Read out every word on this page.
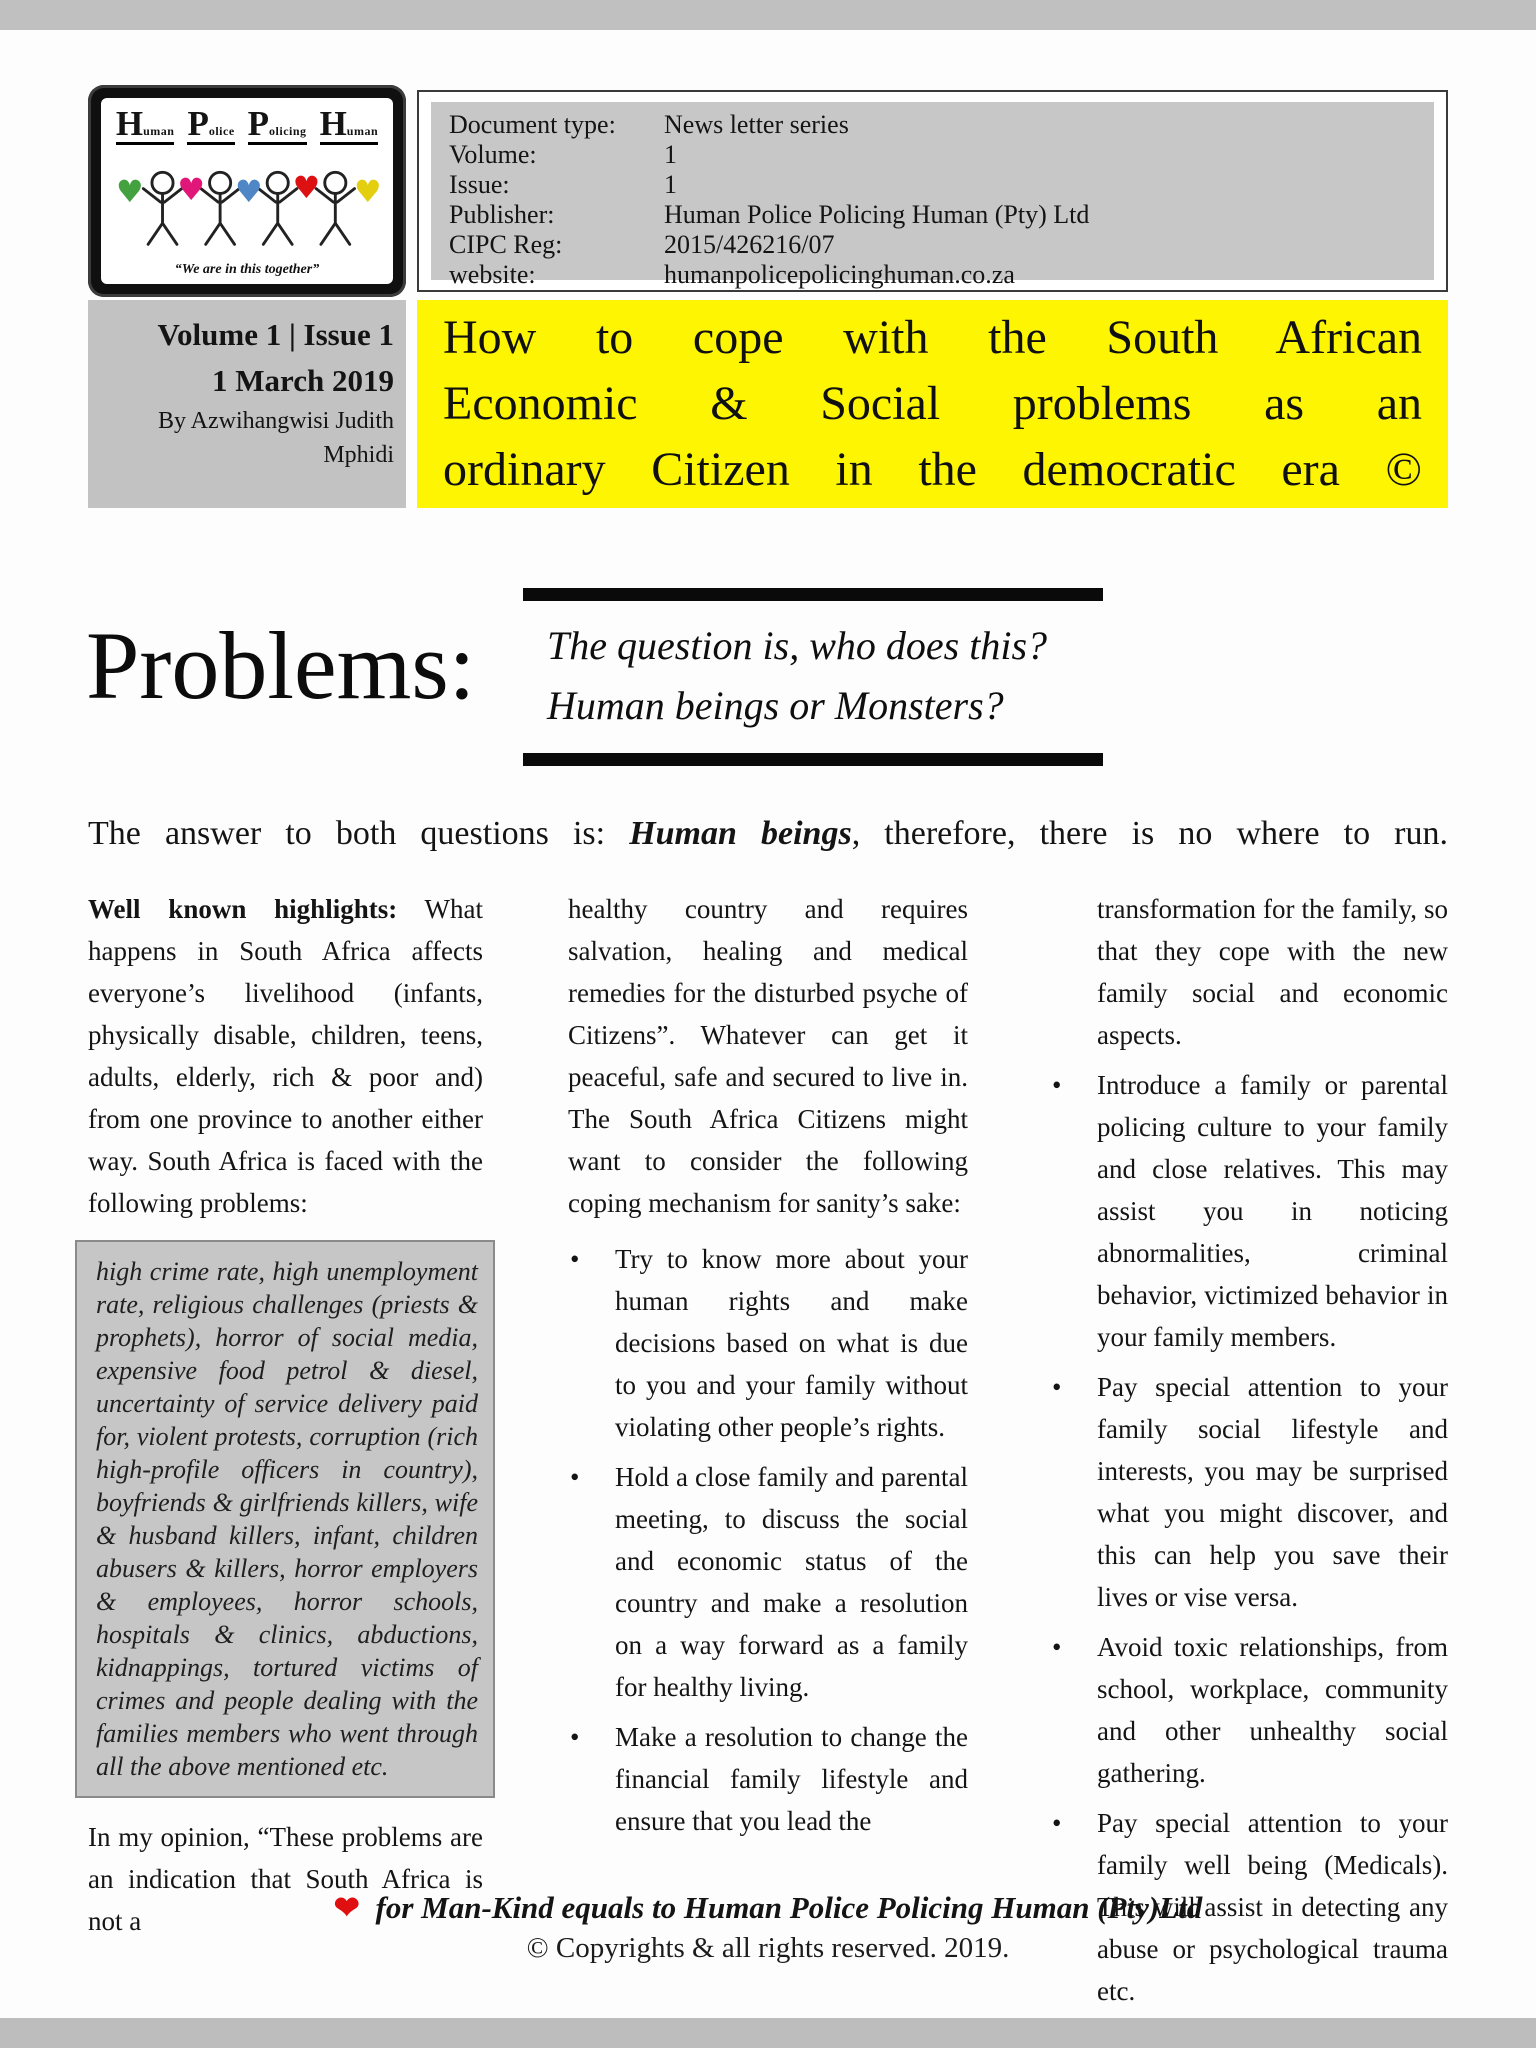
H uman P olice P olicing H uman
♥ ♥ ♥ ♥ ♥
“We are in this together”
Document type:	News letter series
Volume:	1
Issue:	1
Publisher:	Human Police Policing Human (Pty) Ltd
CIPC Reg:	2015/426216/07
website:	humanpolicepolicinghuman.co.za
Volume 1 | Issue 1
1 March 2019
By Azwihangwisi Judith
Mphidi
How to cope with the South African
Economic & Social problems as an
ordinary Citizen in the democratic era ©
Problems: The question is, who does this?
Human beings or Monsters?
The answer to both questions is: Human beings, therefore, there is no where to run.

Well known highlights: What happens in South Africa affects everyone’s livelihood (infants, physically disable, children, teens, adults, elderly, rich & poor and) from one province to another either way. South Africa is faced with the following problems:

high crime rate, high unemployment rate, religious challenges (priests & prophets), horror of social media, expensive food petrol & diesel, uncertainty of service delivery paid for, violent protests, corruption (rich high-profile officers in country), boyfriends & girlfriends killers, wife & husband killers, infant, children abusers & killers, horror employers & employees, horror schools, hospitals & clinics, abductions, kidnappings, tortured victims of crimes and people dealing with the families members who went through all the above mentioned etc.

In my opinion, “These problems are an indication that South Africa is not a

healthy country and requires salvation, healing and medical remedies for the disturbed psyche of Citizens”. Whatever can get it peaceful, safe and secured to live in. The South Africa Citizens might want to consider the following coping mechanism for sanity’s sake:

• Try to know more about your human rights and make decisions based on what is due to you and your family without violating other people’s rights.
• Hold a close family and parental meeting, to discuss the social and economic status of the country and make a resolution on a way forward as a family for healthy living.
• Make a resolution to change the financial family lifestyle and ensure that you lead the

transformation for the family, so that they cope with the new family social and economic aspects.

• Introduce a family or parental policing culture to your family and close relatives. This may assist you in noticing abnormalities, criminal behavior, victimized behavior in your family members.
• Pay special attention to your family social lifestyle and interests, you may be surprised what you might discover, and this can help you save their lives or vise versa.
• Avoid toxic relationships, from school, workplace, community and other unhealthy social gathering.
• Pay special attention to your family well being (Medicals). This will assist in detecting any abuse or psychological trauma etc.
❤ for Man-Kind equals to Human Police Policing Human (Pty)Ltd
© Copyrights & all rights reserved. 2019.
